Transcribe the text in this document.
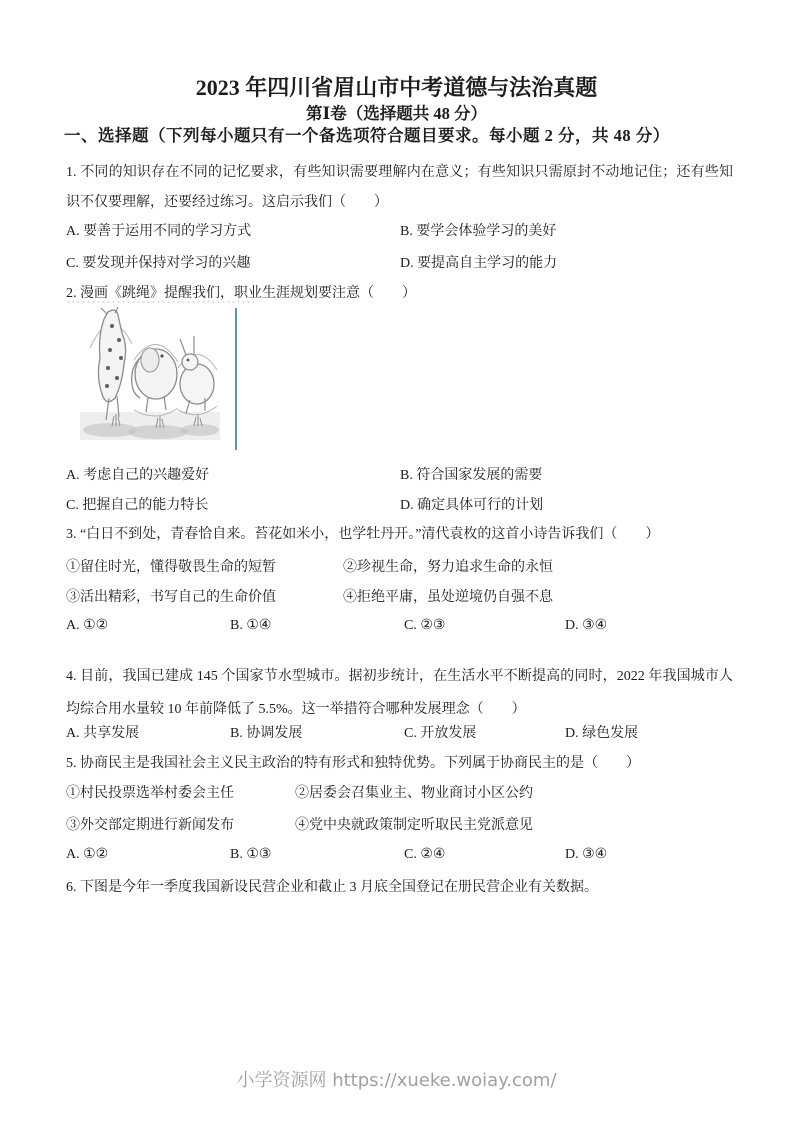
2023 年四川省眉山市中考道德与法治真题
第Ⅰ卷（选择题共 48 分）
一、选择题（下列每小题只有一个备选项符合题目要求。每小题 2 分，共 48 分）
1. 不同的知识存在不同的记忆要求，有些知识需要理解内在意义；有些知识只需原封不动地记住；还有些知识不仅要理解，还要经过练习。这启示我们（　　）
A. 要善于运用不同的学习方式	B. 要学会体验学习的美好
C. 要发现并保持对学习的兴趣	D. 要提高自主学习的能力
2. 漫画《跳绳》提醒我们，职业生涯规划要注意（　　）
A. 考虑自己的兴趣爱好	B. 符合国家发展的需要
C. 把握自己的能力特长	D. 确定具体可行的计划
3. “白日不到处，青春恰自来。苔花如米小，也学牡丹开。”清代袁枚的这首小诗告诉我们（　　）
①留住时光，懂得敬畏生命的短暂	②珍视生命，努力追求生命的永恒
③活出精彩，书写自己的生命价值	④拒绝平庸，虽处逆境仍自强不息
A. ①②	B. ①④	C. ②③	D. ③④
4. 目前，我国已建成 145 个国家节水型城市。据初步统计，在生活水平不断提高的同时，2022 年我国城市人均综合用水量较 10 年前降低了 5.5%。这一举措符合哪种发展理念（　　）
A. 共享发展	B. 协调发展	C. 开放发展	D. 绿色发展
5. 协商民主是我国社会主义民主政治的特有形式和独特优势。下列属于协商民主的是（　　）
①村民投票选举村委会主任	②居委会召集业主、物业商讨小区公约
③外交部定期进行新闻发布	④党中央就政策制定听取民主党派意见
A. ①②	B. ①③	C. ②④	D. ③④
6. 下图是今年一季度我国新设民营企业和截止 3 月底全国登记在册民营企业有关数据。
小学资源网 https://xueke.woiay.com/
